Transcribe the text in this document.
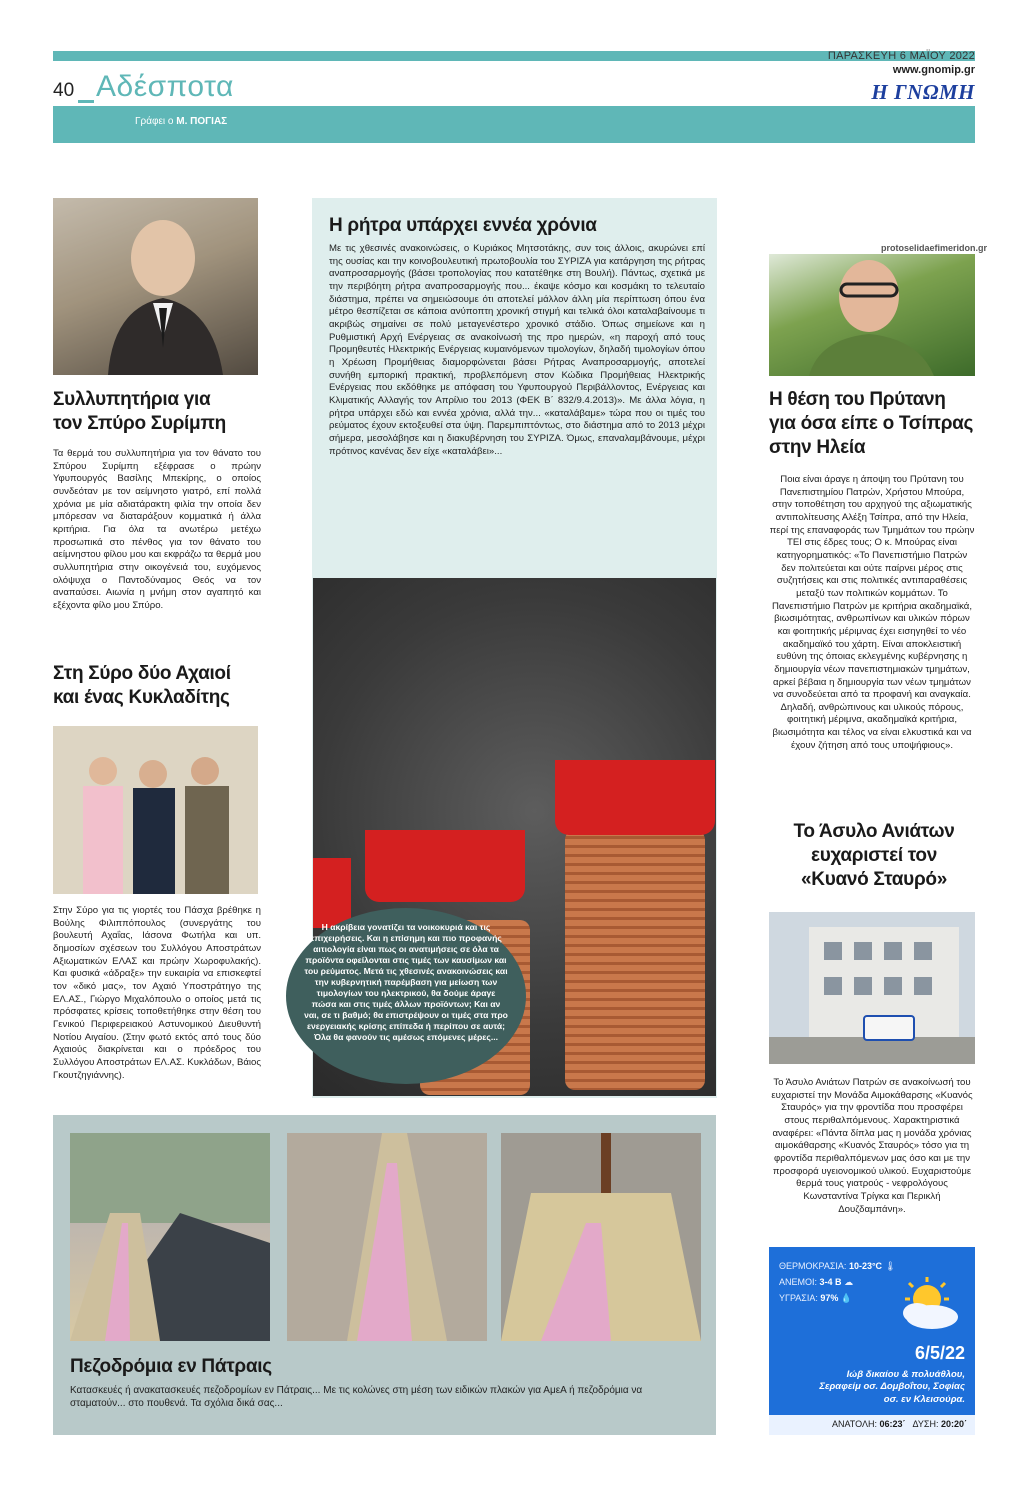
40 Αδέσποτα
Γράφει ο Μ. ΠΟΓΙΑΣ
ΠΑΡΑΣΚΕΥΗ 6 ΜΑΪΟΥ 2022
www.gnomip.gr
Η ΓΝΩΜΗ
Συλλυπητήρια για
τον Σπύρο Συρίμπη
Τα θερμά του συλλυπητήρια για τον θάνατο του Σπύρου Συρίμπη εξέφρασε ο πρώην Υφυπουργός Βασίλης Μπεκίρης, ο οποίος συνδεόταν με τον αείμνηστο γιατρό, επί πολλά χρόνια με μία αδιατάρακτη φιλία την οποία δεν μπόρεσαν να διαταράξουν κομματικά ή άλλα κριτήρια. Για όλα τα ανωτέρω μετέχω προσωπικά στο πένθος για τον θάνατο του αείμνηστου φίλου μου και εκφράζω τα θερμά μου συλλυπητήρια στην οικογένειά του, ευχόμενος ολόψυχα ο Παντοδύναμος Θεός να τον αναπαύσει. Αιωνία η μνήμη στον αγαπητό και εξέχοντα φίλο μου Σπύρο.
Στη Σύρο δύο Αχαιοί
και ένας Κυκλαδίτης
Στην Σύρο για τις γιορτές του Πάσχα βρέθηκε η Βούλης Φιλιππόπουλος (συνεργάτης του βουλευτή Αχαΐας, Ιάσονα Φωτήλα και υπ. δημοσίων σχέσεων του Συλλόγου Αποστράτων Αξιωματικών ΕΛΑΣ και πρώην Χωροφυλακής). Και φυσικά «άδραξε» την ευκαιρία να επισκεφτεί τον «δικό μας», τον Αχαιό Υποστράτηγο της ΕΛ.ΑΣ., Γιώργο Μιχαλόπουλο ο οποίος μετά τις πρόσφατες κρίσεις τοποθετήθηκε στην θέση του Γενικού Περιφερειακού Αστυνομικού Διευθυντή Νοτίου Αιγαίου. (Στην φωτό εκτός από τους δύο Αχαιούς διακρίνεται και ο πρόεδρος του Συλλόγου Αποστράτων ΕΛ.ΑΣ. Κυκλάδων, Βάιος Γκουτζηγιάννης).
Η ρήτρα υπάρχει εννέα χρόνια
Με τις χθεσινές ανακοινώσεις, ο Κυριάκος Μητσοτάκης, συν τοις άλλοις, ακυρώνει επί της ουσίας και την κοινοβουλευτική πρωτοβουλία του ΣΥΡΙΖΑ για κατάργηση της ρήτρας αναπροσαρμογής (βάσει τροπολογίας που κατατέθηκε στη Βουλή). Πάντως, σχετικά με την περιβόητη ρήτρα αναπροσαρμογής που... έκαψε κόσμο και κοσμάκη το τελευταίο διάστημα, πρέπει να σημειώσουμε ότι αποτελεί μάλλον άλλη μία περίπτωση όπου ένα μέτρο θεσπίζεται σε κάποια ανύποπτη χρονική στιγμή και τελικά όλοι καταλαβαίνουμε τι ακριβώς σημαίνει σε πολύ μεταγενέστερο χρονικό στάδιο. Όπως σημείωνε και η Ρυθμιστική Αρχή Ενέργειας σε ανακοίνωσή της προ ημερών, «η παροχή από τους Προμηθευτές Ηλεκτρικής Ενέργειας κυμαινόμενων τιμολογίων, δηλαδή τιμολογίων όπου η Χρέωση Προμήθειας διαμορφώνεται βάσει Ρήτρας Αναπροσαρμογής, αποτελεί συνήθη εμπορική πρακτική, προβλεπόμενη στον Κώδικα Προμήθειας Ηλεκτρικής Ενέργειας που εκδόθηκε με απόφαση του Υφυπουργού Περιβάλλοντος, Ενέργειας και Κλιματικής Αλλαγής τον Απρίλιο του 2013 (ΦΕΚ Β΄ 832/9.4.2013)». Με άλλα λόγια, η ρήτρα υπάρχει εδώ και εννέα χρόνια, αλλά την... «καταλάβαμε» τώρα που οι τιμές του ρεύματος έχουν εκτοξευθεί στα ύψη. Παρεμπιπτόντως, στο διάστημα από το 2013 μέχρι σήμερα, μεσολάβησε και η διακυβέρνηση του ΣΥΡΙΖΑ. Όμως, επαναλαμβάνουμε, μέχρι πρότινος κανένας δεν είχε «καταλάβει»...
Η ακρίβεια γονατίζει τα νοικοκυριά και τις επιχειρήσεις. Και η επίσημη και πιο προφανής αιτιολογία είναι πως οι ανατιμήσεις σε όλα τα προϊόντα οφείλονται στις τιμές των καυσίμων και του ρεύματος. Μετά τις χθεσινές ανακοινώσεις και την κυβερνητική παρέμβαση για μείωση των τιμολογίων του ηλεκτρικού, θα δούμε άραγε πώσα και στις τιμές άλλων προϊόντων; Και αν ναι, σε τι βαθμό; θα επιστρέψουν οι τιμές στα προ ενεργειακής κρίσης επίπεδα ή περίπου σε αυτά; Όλα θα φανούν τις αμέσως επόμενες μέρες...
protoselidaefimeridon.gr
Η θέση του Πρύτανη
για όσα είπε ο Τσίπρας
στην Ηλεία
Ποια είναι άραγε η άποψη του Πρύτανη του Πανεπιστημίου Πατρών, Χρήστου Μπούρα, στην τοποθέτηση του αρχηγού της αξιωματικής αντιπολίτευσης Αλέξη Τσίπρα, από την Ηλεία, περί της επαναφοράς των Τμημάτων του πρώην ΤΕΙ στις έδρες τους; Ο κ. Μπούρας είναι κατηγορηματικός: «Το Πανεπιστήμιο Πατρών δεν πολιτεύεται και ούτε παίρνει μέρος στις συζητήσεις και στις πολιτικές αντιπαραθέσεις μεταξύ των πολιτικών κομμάτων. Το Πανεπιστήμιο Πατρών με κριτήρια ακαδημαϊκά, βιωσιμότητας, ανθρωπίνων και υλικών πόρων και φοιτητικής μέριμνας έχει εισηγηθεί το νέο ακαδημαϊκό του χάρτη. Είναι αποκλειστική ευθύνη της όποιας εκλεγμένης κυβέρνησης η δημιουργία νέων πανεπιστημιακών τμημάτων, αρκεί βέβαια η δημιουργία των νέων τμημάτων να συνοδεύεται από τα προφανή και αναγκαία. Δηλαδή, ανθρώπινους και υλικούς πόρους, φοιτητική μέριμνα, ακαδημαϊκά κριτήρια, βιωσιμότητα και τέλος να είναι ελκυστικά και να έχουν ζήτηση από τους υποψήφιους».
Το Άσυλο Ανιάτων
ευχαριστεί τον
«Κυανό Σταυρό»
Το Άσυλο Ανιάτων Πατρών σε ανακοίνωσή του ευχαριστεί την Μονάδα Αιμοκάθαρσης «Κυανός Σταυρός» για την φροντίδα που προσφέρει στους περιθαλπόμενους. Χαρακτηριστικά αναφέρει: «Πάντα δίπλα μας η μονάδα χρόνιας αιμοκάθαρσης «Κυανός Σταυρός» τόσο για τη φροντίδα περιθαλπόμενων μας όσο και με την προσφορά υγειονομικού υλικού. Ευχαριστούμε θερμά τους γιατρούς - νεφρολόγους Κωνσταντίνα Τρίγκα και Περικλή Δουζδαμπάνη».
ΘΕΡΜΟΚΡΑΣΙΑ: 10-23°C 🌡
ΑΝΕΜΟΙ: 3-4 Β ☁
ΥΓΡΑΣΙΑ: 97% 💧
6/5/22
Ιώβ δικαίου & πολυάθλου,
Σεραφείμ οσ. Δομβοΐτου, Σοφίας
οσ. εν Κλεισούρα.
ΑΝΑΤΟΛΗ: 06:23΄ ΔΥΣΗ: 20:20΄
Πεζοδρόμια εν Πάτραις
Κατασκευές ή ανακατασκευές πεζοδρομίων εν Πάτραις... Με τις κολώνες στη μέση των ειδικών πλακών για ΑμεΑ ή πεζοδρόμια να σταματούν... στο πουθενά. Τα σχόλια δικά σας...
